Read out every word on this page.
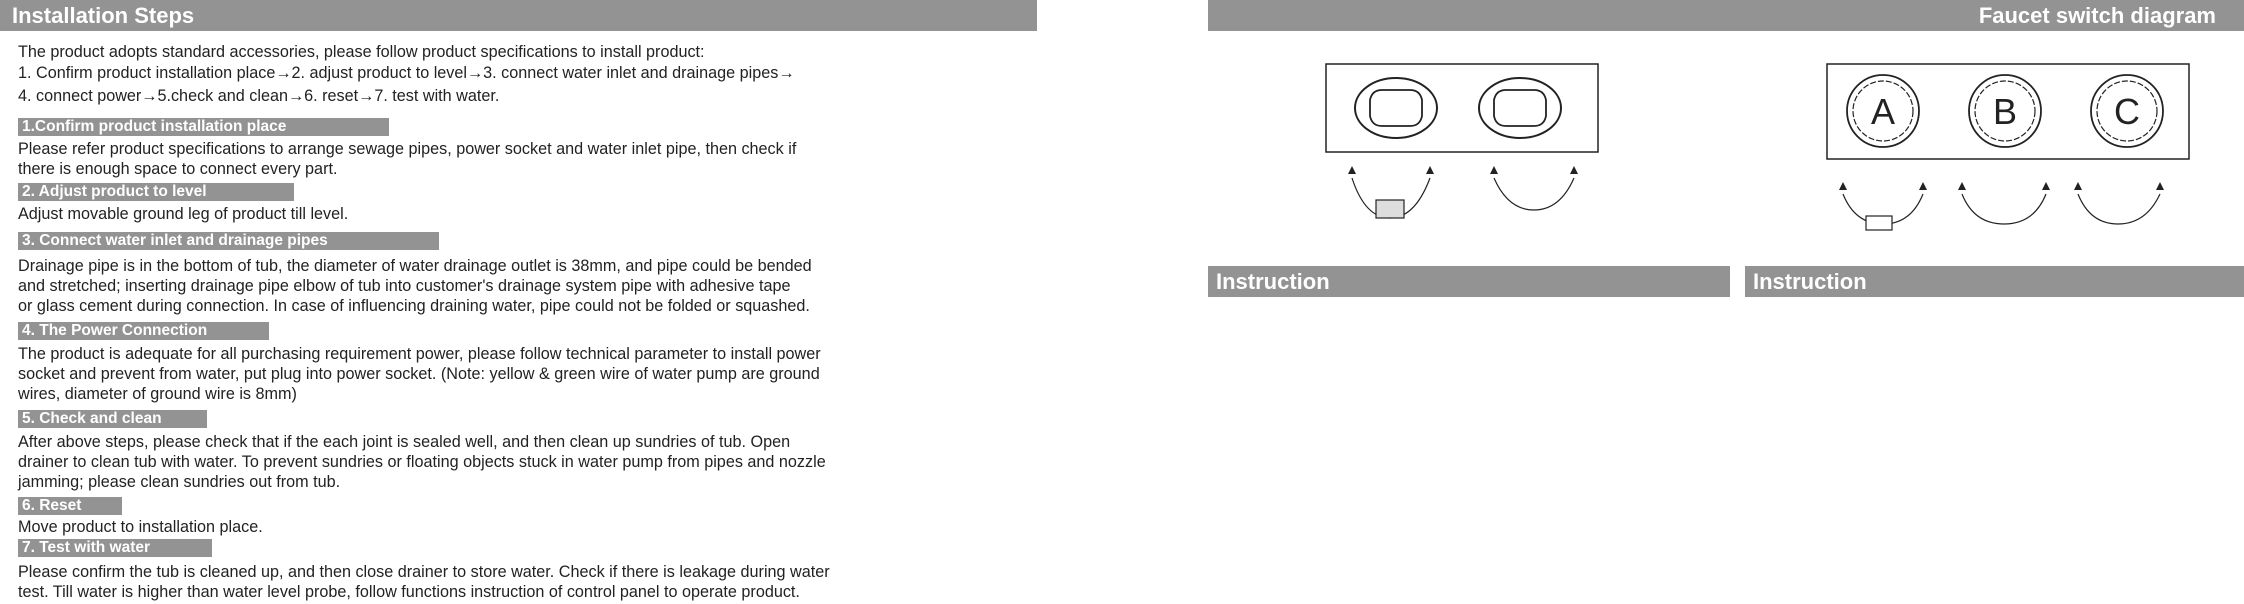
Installation Steps
The product adopts standard accessories, please follow product specifications to install product:
1. Confirm product installation place→2. adjust product to level→3. connect water inlet and drainage pipes→
4. connect power→5.check and clean→6. reset→7. test with water.
1.Confirm product installation place
Please refer product specifications to arrange sewage pipes, power socket and water inlet pipe, then check if
there is enough space to connect every part.
2. Adjust product to level
Adjust movable ground leg of product till level.
3. Connect water inlet and drainage pipes
Drainage pipe is in the bottom of tub, the diameter of water drainage outlet is 38mm, and pipe could be bended
and stretched; inserting drainage pipe elbow of tub into customer's drainage system pipe with adhesive tape
or glass cement during connection. In case of influencing draining water, pipe could not be folded or squashed.
4. The Power Connection
The product is adequate for all purchasing requirement power, please follow technical parameter to install power
socket and prevent from water, put plug into power socket. (Note: yellow & green wire of water pump are ground
wires, diameter of ground wire is 8mm)
5. Check and clean
After above steps, please check that if the each joint is sealed well, and then clean up sundries of tub. Open
drainer to clean tub with water. To prevent sundries or floating objects stuck in water pump from pipes and nozzle
jamming; please clean sundries out from tub.
6. Reset
Move product to installation place.
7. Test with water
Please confirm the tub is cleaned up, and then close drainer to store water. Check if there is leakage during water
test. Till water is higher than water level probe, follow functions instruction of control panel to operate product.
Faucet switch diagram
A	B	C
Instruction	Instruction
